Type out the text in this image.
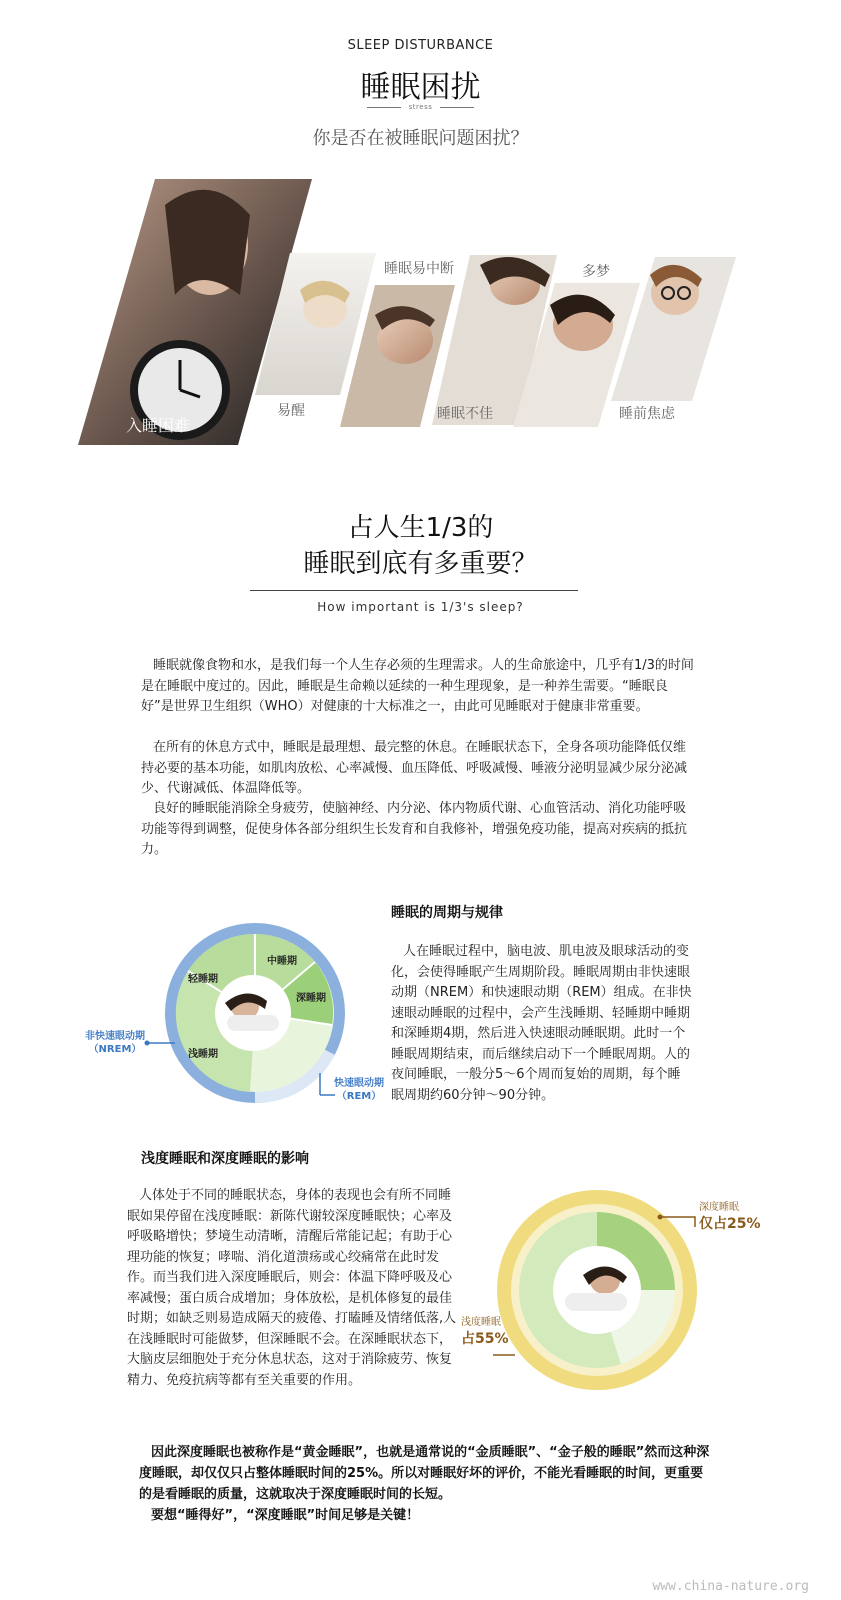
SLEEP DISTURBANCE
睡眠困扰
stress
你是否在被睡眠问题困扰？
入睡困难
易醒
睡眠易中断
睡眠不佳
多梦
睡前焦虑
占人生1/3的
睡眠到底有多重要？
How important is 1/3's sleep?
睡眠就像食物和水，是我们每一个人生存必须的生理需求。人的生命旅途中，几乎有1/3的时间是在睡眠中度过的。因此，睡眠是生命赖以延续的一种生理现象，是一种养生需要。“睡眠良好”是世界卫生组织（WHO）对健康的十大标准之一，由此可见睡眠对于健康非常重要。
在所有的休息方式中，睡眠是最理想、最完整的休息。在睡眠状态下，全身各项功能降低仅维持必要的基本功能，如肌肉放松、心率减慢、血压降低、呼吸减慢、唾液分泌明显减少尿分泌减少、代谢减低、体温降低等。
良好的睡眠能消除全身疲劳，使脑神经、内分泌、体内物质代谢、心血管活动、消化功能呼吸功能等得到调整，促使身体各部分组织生长发育和自我修补，增强免疫功能，提高对疾病的抵抗力。
睡眠的周期与规律
人在睡眠过程中，脑电波、肌电波及眼球活动的变化，会使得睡眠产生周期阶段。睡眠周期由非快速眼动期（NREM）和快速眼动期（REM）组成。在非快速眼动睡眠的过程中，会产生浅睡期、轻睡期中睡期和深睡期4期，然后进入快速眼动睡眠期。此时一个睡眠周期结束，而后继续启动下一个睡眠周期。人的夜间睡眠，一般分5～6个周而复始的周期，每个睡眠周期约60分钟～90分钟。
轻睡期
中睡期
深睡期
浅睡期
非快速眼动期
（NREM）
快速眼动期
（REM）
浅度睡眠和深度睡眠的影响
人体处于不同的睡眠状态，身体的表现也会有所不同睡眠如果停留在浅度睡眠：新陈代谢较深度睡眠快；心率及呼吸略增快；梦境生动清晰，清醒后常能记起；有助于心理功能的恢复；哮喘、消化道溃疡或心绞痛常在此时发作。而当我们进入深度睡眠后，则会：体温下降呼吸及心率减慢；蛋白质合成增加；身体放松，是机体修复的最佳时期；如缺乏则易造成隔天的疲倦、打瞌睡及情绪低落,人在浅睡眠时可能做梦，但深睡眠不会。在深睡眠状态下，大脑皮层细胞处于充分休息状态，这对于消除疲劳、恢复精力、免疫抗病等都有至关重要的作用。
深度睡眠
仅占25%
浅度睡眠
占55%
因此深度睡眠也被称作是“黄金睡眠”，也就是通常说的“金质睡眠”、“金子般的睡眠”然而这种深度睡眠，却仅仅只占整体睡眠时间的25%。所以对睡眠好坏的评价，不能光看睡眠的时间，更重要的是看睡眠的质量，这就取决于深度睡眠时间的长短。
要想“睡得好”，“深度睡眠”时间足够是关键！
www.china-nature.org
